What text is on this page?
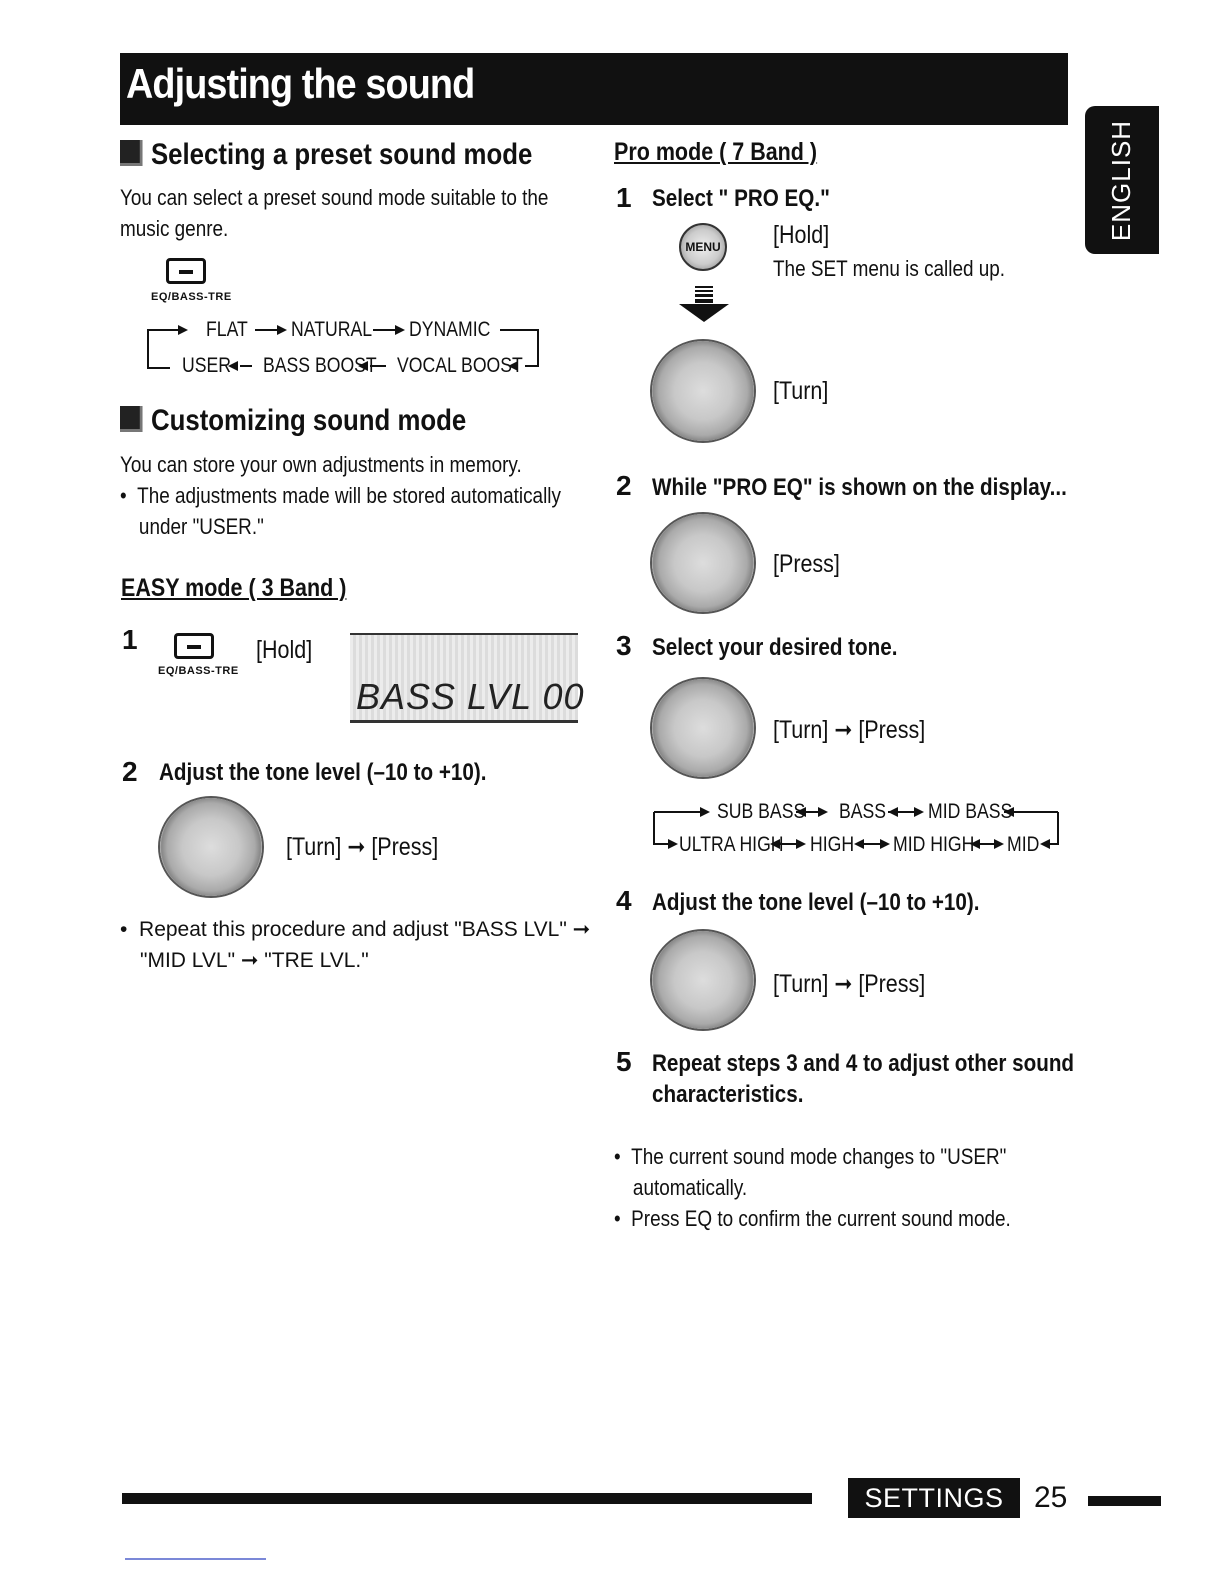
Adjusting the sound
ENGLISH
Selecting a preset sound mode
You can select a preset sound mode suitable to the
music genre.
EQ/BASS-TRE
FLAT NATURAL DYNAMIC
USER BASS BOOST VOCAL BOOST
Customizing sound mode
You can store your own adjustments in memory.
•  The adjustments made will be stored automatically
under "USER."
EASY mode ( 3 Band )
1
EQ/BASS-TRE
[Hold]
BASS LVL 00
2 Adjust the tone level (–10 to +10).
[Turn] ➞ [Press]
•  Repeat this procedure and adjust "BASS LVL" ➞
"MID LVL" ➞ "TRE LVL."
Pro mode ( 7 Band )
1 Select " PRO EQ."
MENU [Hold]
The SET menu is called up.
[Turn]
2 While "PRO EQ" is shown on the display...
[Press]
3 Select your desired tone.
[Turn] ➞ [Press]
SUB BASS BASS MID BASS
ULTRA HIGH HIGH MID HIGH MID
4 Adjust the tone level (–10 to +10).
[Turn] ➞ [Press]
5 Repeat steps 3 and 4 to adjust other sound
characteristics.
•  The current sound mode changes to "USER"
automatically.
•  Press EQ to confirm the current sound mode.
SETTINGS	25
